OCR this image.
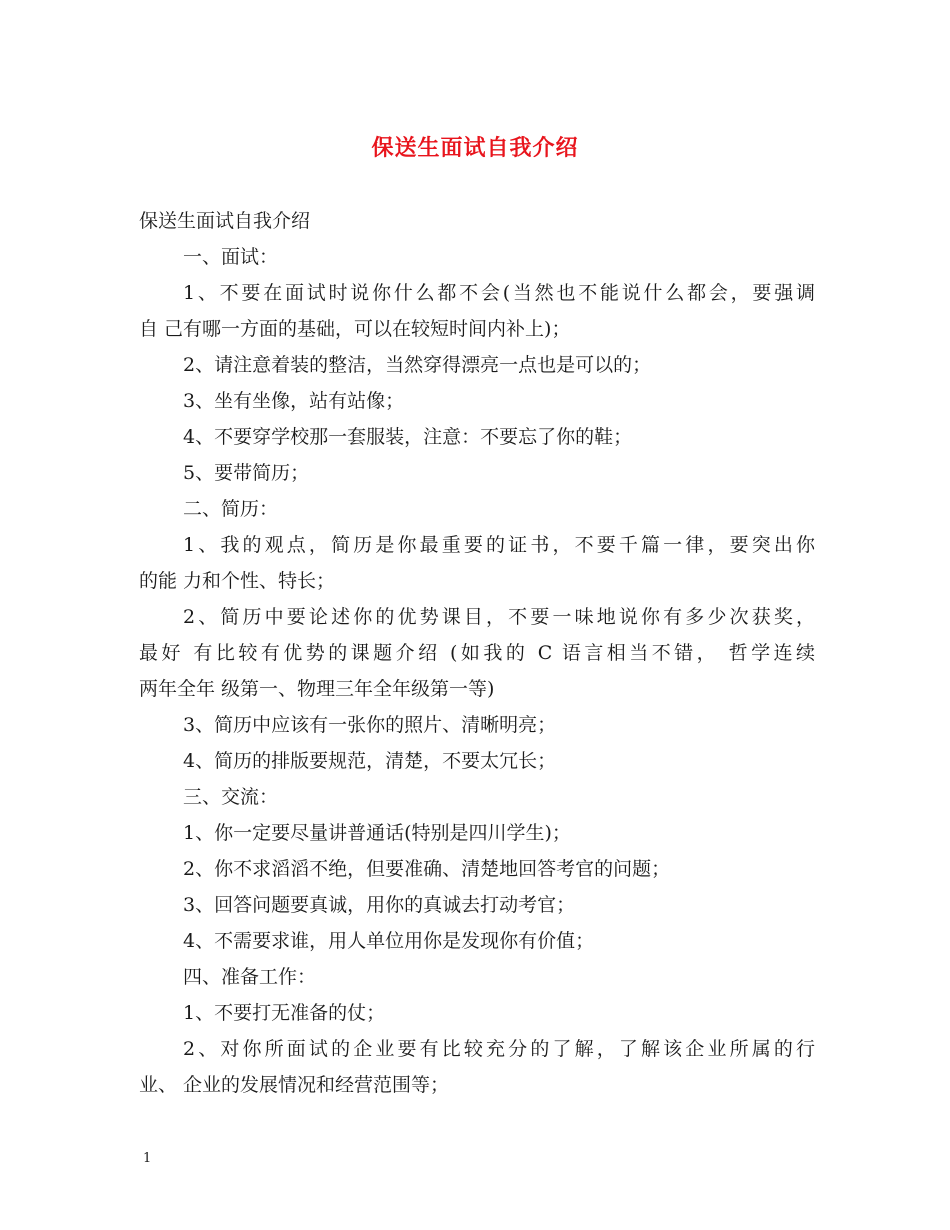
保送生面试自我介绍

保送生面试自我介绍

一、面试：

1、不要在面试时说你什么都不会(当然也不能说什么都会，要强调

自 己有哪一方面的基础，可以在较短时间内补上)；

2、请注意着装的整洁，当然穿得漂亮一点也是可以的；

3、坐有坐像，站有站像；

4、不要穿学校那一套服装，注意：不要忘了你的鞋；

5、要带简历；

二、简历：

1、我的观点，简历是你最重要的证书，不要千篇一律，要突出你

的能 力和个性、特长；

2、简历中要论述你的优势课目，不要一味地说你有多少次获奖，

最好 有比较有优势的课题介绍 (如我的 C 语言相当不错， 哲学连续

两年全年 级第一、物理三年全年级第一等)

3、简历中应该有一张你的照片、清晰明亮；

4、简历的排版要规范，清楚，不要太冗长；

三、交流：

1、你一定要尽量讲普通话(特别是四川学生)；

2、你不求滔滔不绝，但要准确、清楚地回答考官的问题；

3、回答问题要真诚，用你的真诚去打动考官；

4、不需要求谁，用人单位用你是发现你有价值；

四、准备工作：

1、不要打无准备的仗；

2、对你所面试的企业要有比较充分的了解，了解该企业所属的行

业、 企业的发展情况和经营范围等；

1
